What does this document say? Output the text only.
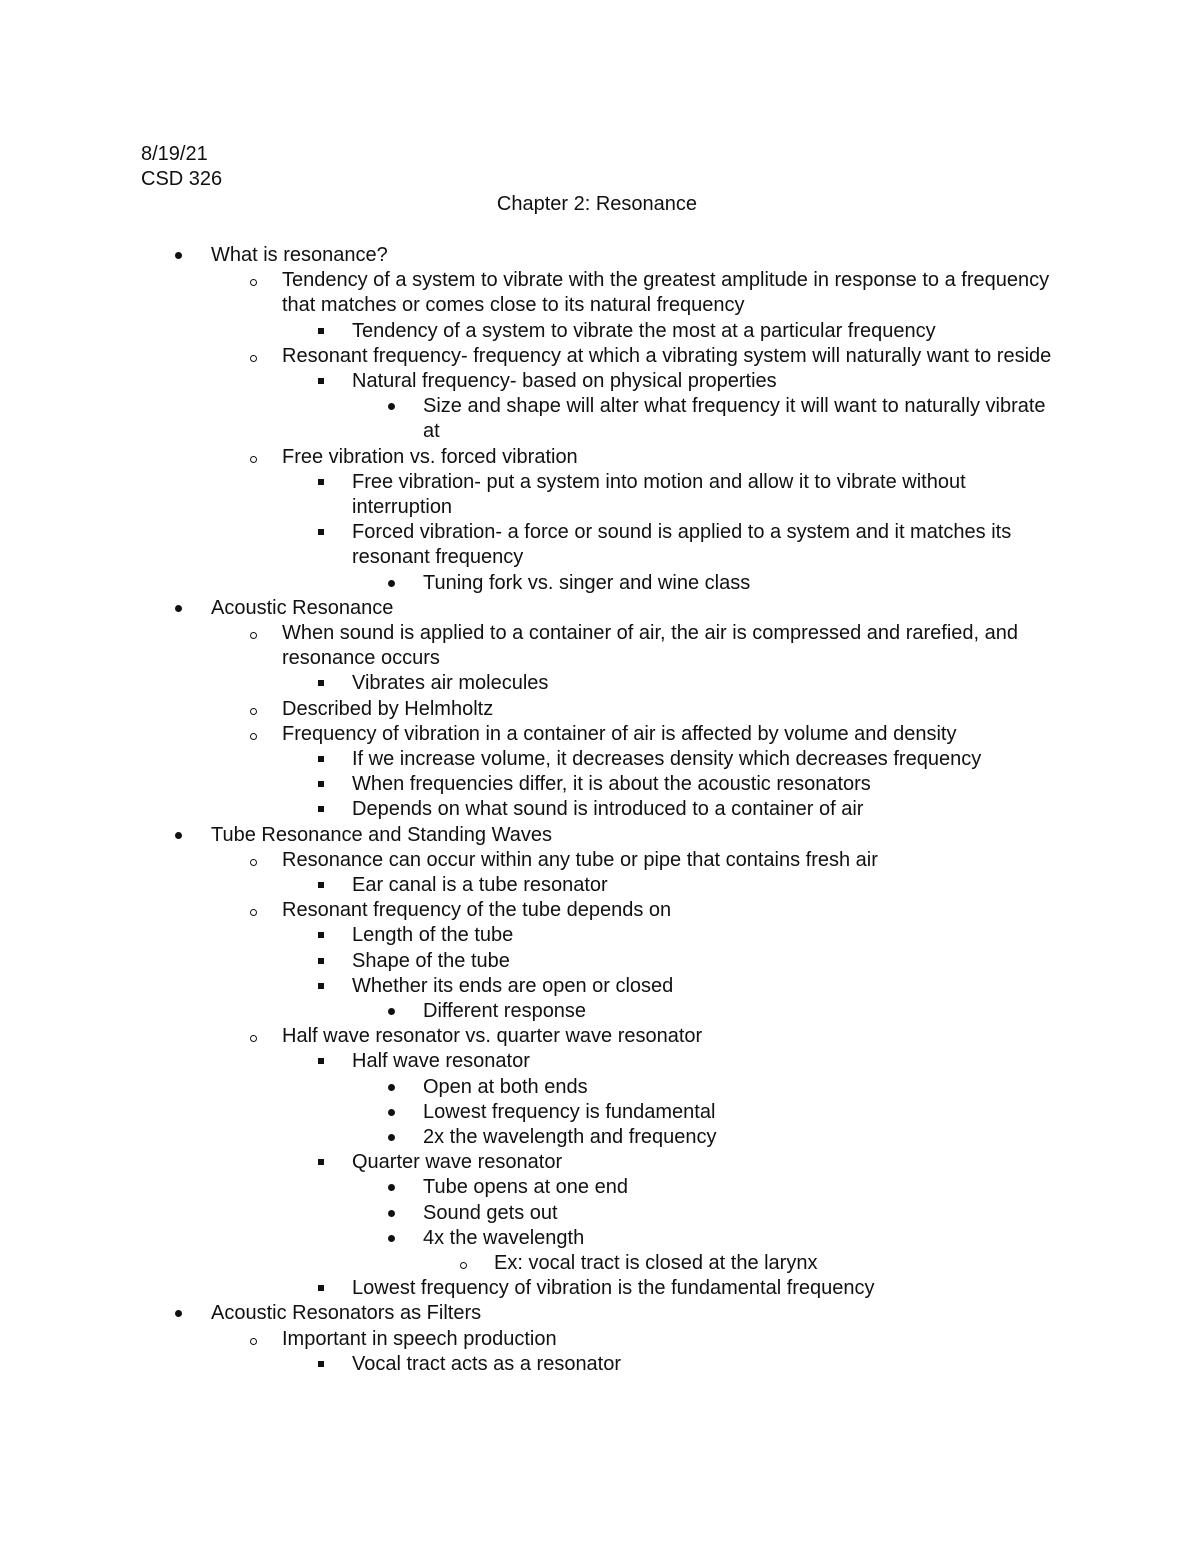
8/19/21
CSD 326
Chapter 2: Resonance
What is resonance?
Tendency of a system to vibrate with the greatest amplitude in response to a frequency that matches or comes close to its natural frequency
Tendency of a system to vibrate the most at a particular frequency
Resonant frequency- frequency at which a vibrating system will naturally want to reside
Natural frequency- based on physical properties
Size and shape will alter what frequency it will want to naturally vibrate at
Free vibration vs. forced vibration
Free vibration- put a system into motion and allow it to vibrate without interruption
Forced vibration- a force or sound is applied to a system and it matches its resonant frequency
Tuning fork vs. singer and wine class
Acoustic Resonance
When sound is applied to a container of air, the air is compressed and rarefied, and resonance occurs
Vibrates air molecules
Described by Helmholtz
Frequency of vibration in a container of air is affected by volume and density
If we increase volume, it decreases density which decreases frequency
When frequencies differ, it is about the acoustic resonators
Depends on what sound is introduced to a container of air
Tube Resonance and Standing Waves
Resonance can occur within any tube or pipe that contains fresh air
Ear canal is a tube resonator
Resonant frequency of the tube depends on
Length of the tube
Shape of the tube
Whether its ends are open or closed
Different response
Half wave resonator vs. quarter wave resonator
Half wave resonator
Open at both ends
Lowest frequency is fundamental
2x the wavelength and frequency
Quarter wave resonator
Tube opens at one end
Sound gets out
4x the wavelength
Ex: vocal tract is closed at the larynx
Lowest frequency of vibration is the fundamental frequency
Acoustic Resonators as Filters
Important in speech production
Vocal tract acts as a resonator
